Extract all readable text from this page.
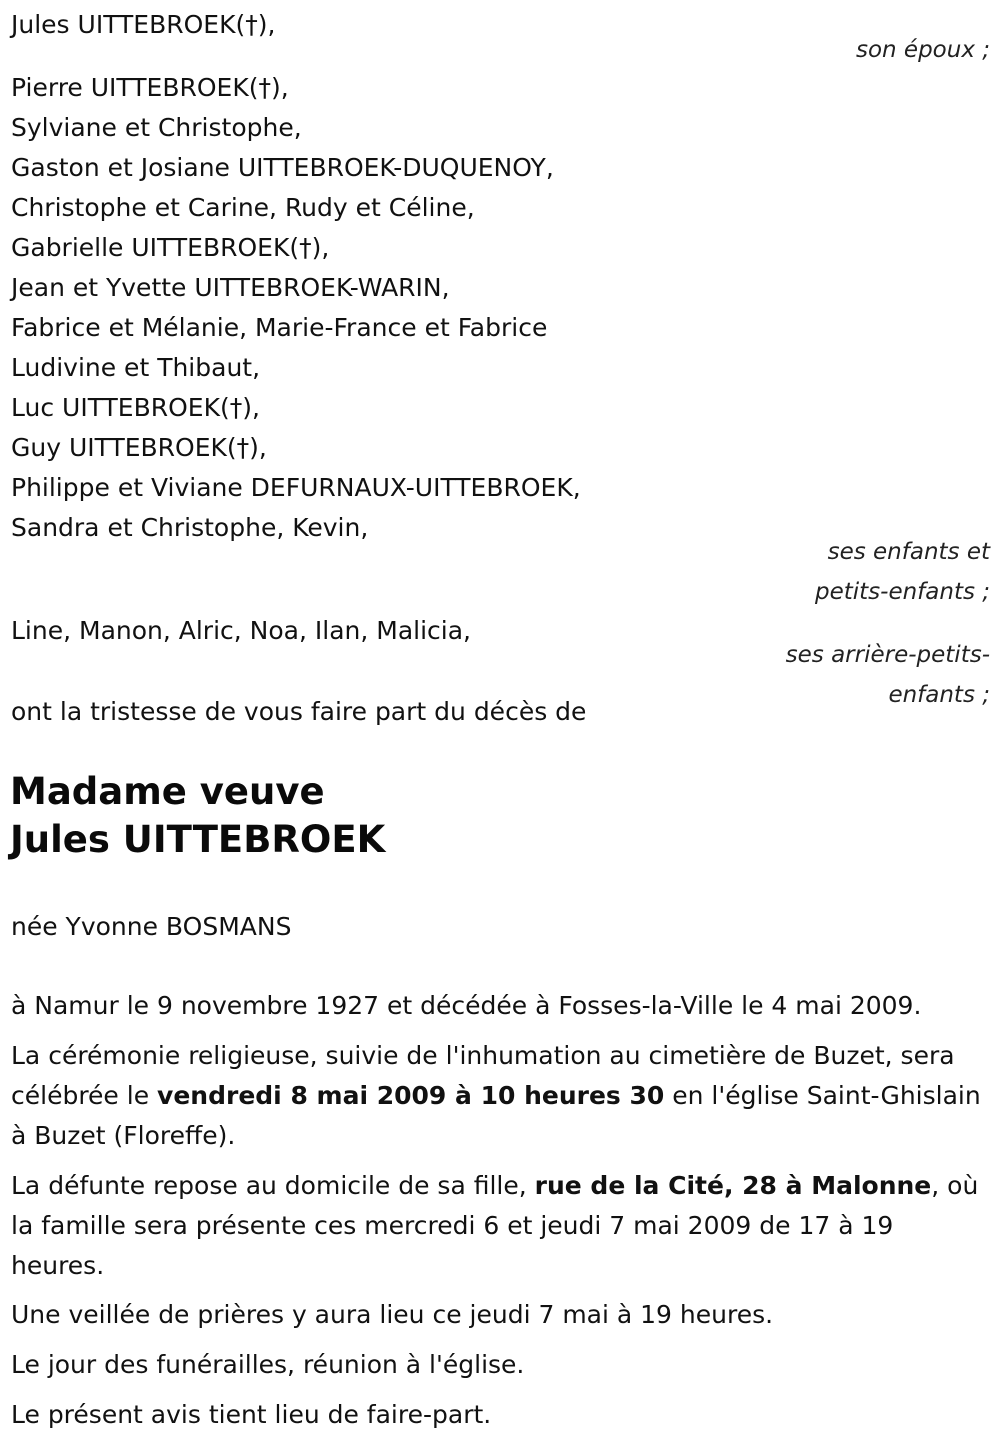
Jules UITTEBROEK(†),
son époux ;
Pierre UITTEBROEK(†),
Sylviane et Christophe,
Gaston et Josiane UITTEBROEK-DUQUENOY,
Christophe et Carine, Rudy et Céline,
Gabrielle UITTEBROEK(†),
Jean et Yvette UITTEBROEK-WARIN,
Fabrice et Mélanie, Marie-France et Fabrice
Ludivine et Thibaut,
Luc UITTEBROEK(†),
Guy UITTEBROEK(†),
Philippe et Viviane DEFURNAUX-UITTEBROEK,
Sandra et Christophe, Kevin,
ses enfants et
petits-enfants ;
Line, Manon, Alric, Noa, Ilan, Malicia,
ses arrière-petits-
enfants ;
ont la tristesse de vous faire part du décès de
Madame veuve
Jules UITTEBROEK
née Yvonne BOSMANS
à Namur le 9 novembre 1927 et décédée à Fosses-la-Ville le 4 mai 2009.
La cérémonie religieuse, suivie de l'inhumation au cimetière de Buzet, sera célébrée le vendredi 8 mai 2009 à 10 heures 30 en l'église Saint-Ghislain à Buzet (Floreffe).
La défunte repose au domicile de sa fille, rue de la Cité, 28 à Malonne, où la famille sera présente ces mercredi 6 et jeudi 7 mai 2009 de 17 à 19 heures.
Une veillée de prières y aura lieu ce jeudi 7 mai à 19 heures.
Le jour des funérailles, réunion à l'église.
Le présent avis tient lieu de faire-part.
